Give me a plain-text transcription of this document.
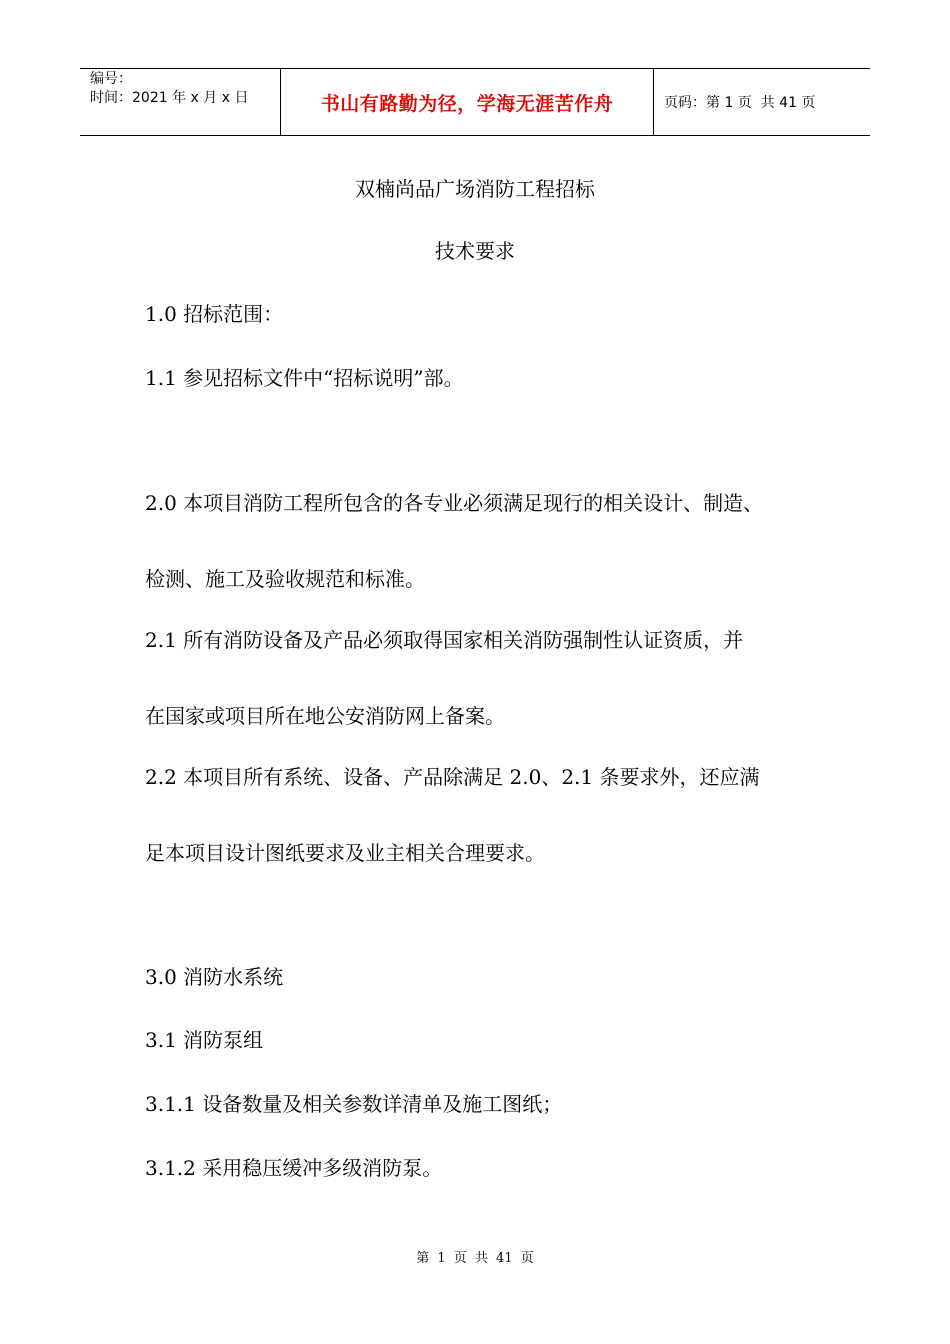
编号：
时间：2021 年 x 月 x 日	书山有路勤为径，学海无涯苦作舟	页码：第 1 页  共 41 页
双楠尚品广场消防工程招标
技术要求
1.0 招标范围：
1.1 参见招标文件中“招标说明”部。
2.0 本项目消防工程所包含的各专业必须满足现行的相关设计、制造、
检测、施工及验收规范和标准。
2.1 所有消防设备及产品必须取得国家相关消防强制性认证资质，并
在国家或项目所在地公安消防网上备案。
2.2 本项目所有系统、设备、产品除满足 2.0、2.1 条要求外，还应满
足本项目设计图纸要求及业主相关合理要求。
3.0 消防水系统
3.1 消防泵组
3.1.1 设备数量及相关参数详清单及施工图纸；
3.1.2 采用稳压缓冲多级消防泵。
第 1 页 共 41 页
